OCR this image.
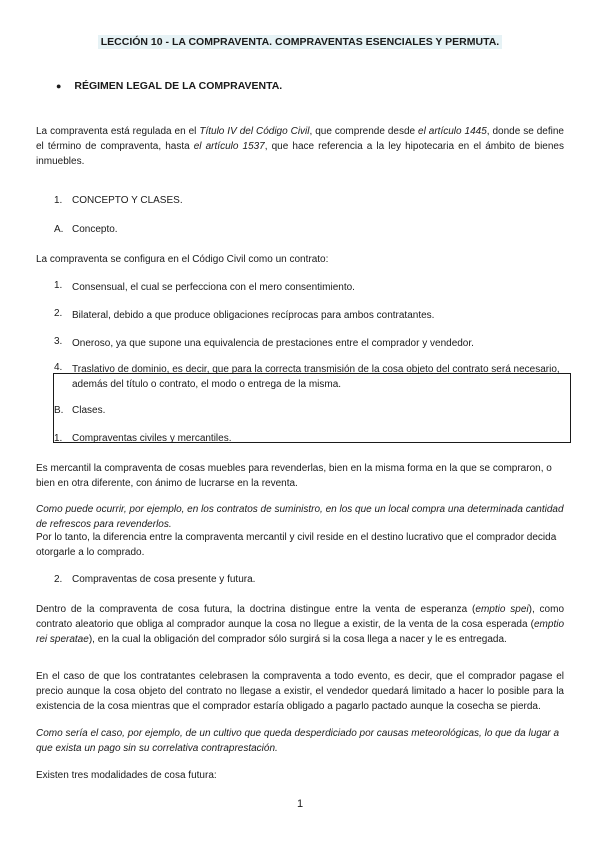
LECCIÓN 10 - LA COMPRAVENTA. COMPRAVENTAS ESENCIALES Y PERMUTA.
● RÉGIMEN LEGAL DE LA COMPRAVENTA.
La compraventa está regulada en el Título IV del Código Civil, que comprende desde el artículo 1445, donde se define el término de compraventa, hasta el artículo 1537, que hace referencia a la ley hipotecaria en el ámbito de bienes inmuebles.
1. CONCEPTO Y CLASES.
A. Concepto.
La compraventa se configura en el Código Civil como un contrato:
1. Consensual, el cual se perfecciona con el mero consentimiento.
2. Bilateral, debido a que produce obligaciones recíprocas para ambos contratantes.
3. Oneroso, ya que supone una equivalencia de prestaciones entre el comprador y vendedor.
4. Traslativo de dominio, es decir, que para la correcta transmisión de la cosa objeto del contrato será necesario, además del título o contrato, el modo o entrega de la misma.
B. Clases.
1. Compraventas civiles y mercantiles.
Es mercantil la compraventa de cosas muebles para revenderlas, bien en la misma forma en la que se compraron, o bien en otra diferente, con ánimo de lucrarse en la reventa.
Como puede ocurrir, por ejemplo, en los contratos de suministro, en los que un local compra una determinada cantidad de refrescos para revenderlos.
Por lo tanto, la diferencia entre la compraventa mercantil y civil reside en el destino lucrativo que el comprador decida otorgarle a lo comprado.
2. Compraventas de cosa presente y futura.
Dentro de la compraventa de cosa futura, la doctrina distingue entre la venta de esperanza (emptio spei), como contrato aleatorio que obliga al comprador aunque la cosa no llegue a existir, de la venta de la cosa esperada (emptio rei speratae), en la cual la obligación del comprador sólo surgirá si la cosa llega a nacer y le es entregada.
En el caso de que los contratantes celebrasen la compraventa a todo evento, es decir, que el comprador pagase el precio aunque la cosa objeto del contrato no llegase a existir, el vendedor quedará limitado a hacer lo posible para la existencia de la cosa mientras que el comprador estaría obligado a pagarlo pactado aunque la cosecha se pierda.
Como sería el caso, por ejemplo, de un cultivo que queda desperdiciado por causas meteorológicas, lo que da lugar a que exista un pago sin su correlativa contraprestación.
Existen tres modalidades de cosa futura:
1
